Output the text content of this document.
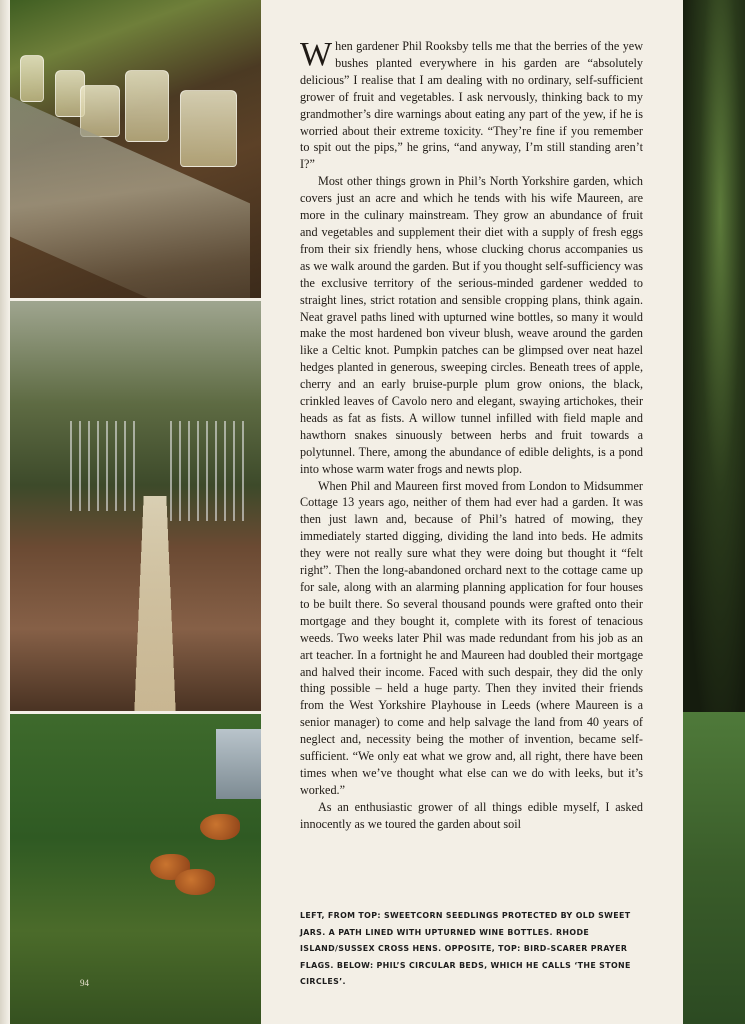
94

When gardener Phil Rooksby tells me that the berries of the yew bushes planted everywhere in his garden are “absolutely delicious” I realise that I am dealing with no ordinary, self-sufficient grower of fruit and vegetables. I ask nervously, thinking back to my grandmother’s dire warnings about eating any part of the yew, if he is worried about their extreme toxicity. “They’re fine if you remember to spit out the pips,” he grins, “and anyway, I’m still standing aren’t I?”

Most other things grown in Phil’s North Yorkshire garden, which covers just an acre and which he tends with his wife Maureen, are more in the culinary mainstream. They grow an abundance of fruit and vegetables and supplement their diet with a supply of fresh eggs from their six friendly hens, whose clucking chorus accompanies us as we walk around the garden. But if you thought self-sufficiency was the exclusive territory of the serious-minded gardener wedded to straight lines, strict rotation and sensible cropping plans, think again. Neat gravel paths lined with upturned wine bottles, so many it would make the most hardened bon viveur blush, weave around the garden like a Celtic knot. Pumpkin patches can be glimpsed over neat hazel hedges planted in generous, sweeping circles. Beneath trees of apple, cherry and an early bruise-purple plum grow onions, the black, crinkled leaves of Cavolo nero and elegant, swaying artichokes, their heads as fat as fists. A willow tunnel infilled with field maple and hawthorn snakes sinuously between herbs and fruit towards a polytunnel. There, among the abundance of edible delights, is a pond into whose warm water frogs and newts plop.

When Phil and Maureen first moved from London to Midsummer Cottage 13 years ago, neither of them had ever had a garden. It was then just lawn and, because of Phil’s hatred of mowing, they immediately started digging, dividing the land into beds. He admits they were not really sure what they were doing but thought it “felt right”. Then the long-abandoned orchard next to the cottage came up for sale, along with an alarming planning application for four houses to be built there. So several thousand pounds were grafted onto their mortgage and they bought it, complete with its forest of tenacious weeds. Two weeks later Phil was made redundant from his job as an art teacher. In a fortnight he and Maureen had doubled their mortgage and halved their income. Faced with such despair, they did the only thing possible – held a huge party. Then they invited their friends from the West Yorkshire Playhouse in Leeds (where Maureen is a senior manager) to come and help salvage the land from 40 years of neglect and, necessity being the mother of invention, became self-sufficient. “We only eat what we grow and, all right, there have been times when we’ve thought what else can we do with leeks, but it’s worked.”

As an enthusiastic grower of all things edible myself, I asked innocently as we toured the garden about soil

LEFT, FROM TOP: SWEETCORN SEEDLINGS PROTECTED BY OLD SWEET JARS. A PATH LINED WITH UPTURNED WINE BOTTLES. RHODE ISLAND/SUSSEX CROSS HENS. OPPOSITE, TOP: BIRD-SCARER PRAYER FLAGS. BELOW: PHIL’S CIRCULAR BEDS, WHICH HE CALLS ‘THE STONE CIRCLES’.
